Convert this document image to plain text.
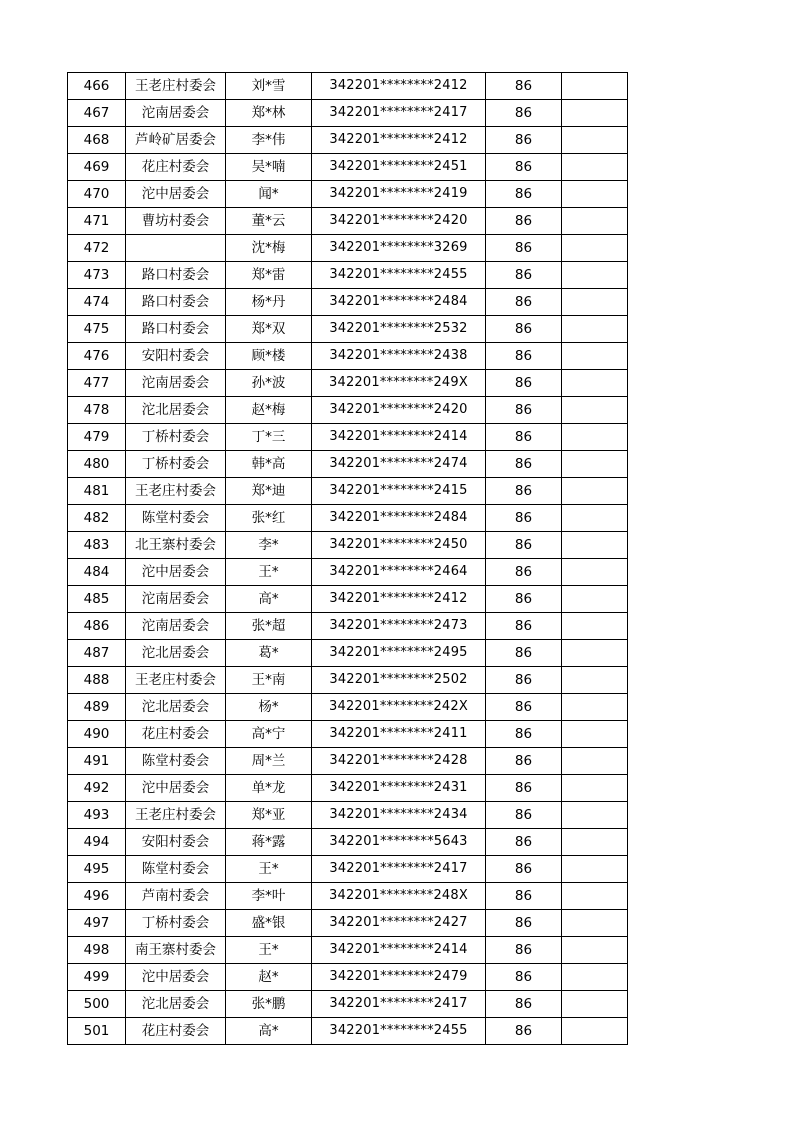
466	王老庄村委会	刘*雪	342201********2412	86	
467	沱南居委会	郑*林	342201********2417	86	
468	芦岭矿居委会	李*伟	342201********2412	86	
469	花庄村委会	吴*喃	342201********2451	86	
470	沱中居委会	闻*	342201********2419	86	
471	曹坊村委会	董*云	342201********2420	86	
472		沈*梅	342201********3269	86	
473	路口村委会	郑*雷	342201********2455	86	
474	路口村委会	杨*丹	342201********2484	86	
475	路口村委会	郑*双	342201********2532	86	
476	安阳村委会	顾*楼	342201********2438	86	
477	沱南居委会	孙*波	342201********249X	86	
478	沱北居委会	赵*梅	342201********2420	86	
479	丁桥村委会	丁*三	342201********2414	86	
480	丁桥村委会	韩*高	342201********2474	86	
481	王老庄村委会	郑*迪	342201********2415	86	
482	陈堂村委会	张*红	342201********2484	86	
483	北王寨村委会	李*	342201********2450	86	
484	沱中居委会	王*	342201********2464	86	
485	沱南居委会	高*	342201********2412	86	
486	沱南居委会	张*超	342201********2473	86	
487	沱北居委会	葛*	342201********2495	86	
488	王老庄村委会	王*南	342201********2502	86	
489	沱北居委会	杨*	342201********242X	86	
490	花庄村委会	高*宁	342201********2411	86	
491	陈堂村委会	周*兰	342201********2428	86	
492	沱中居委会	单*龙	342201********2431	86	
493	王老庄村委会	郑*亚	342201********2434	86	
494	安阳村委会	蒋*露	342201********5643	86	
495	陈堂村委会	王*	342201********2417	86	
496	芦南村委会	李*叶	342201********248X	86	
497	丁桥村委会	盛*银	342201********2427	86	
498	南王寨村委会	王*	342201********2414	86	
499	沱中居委会	赵*	342201********2479	86	
500	沱北居委会	张*鹏	342201********2417	86	
501	花庄村委会	高*	342201********2455	86	
